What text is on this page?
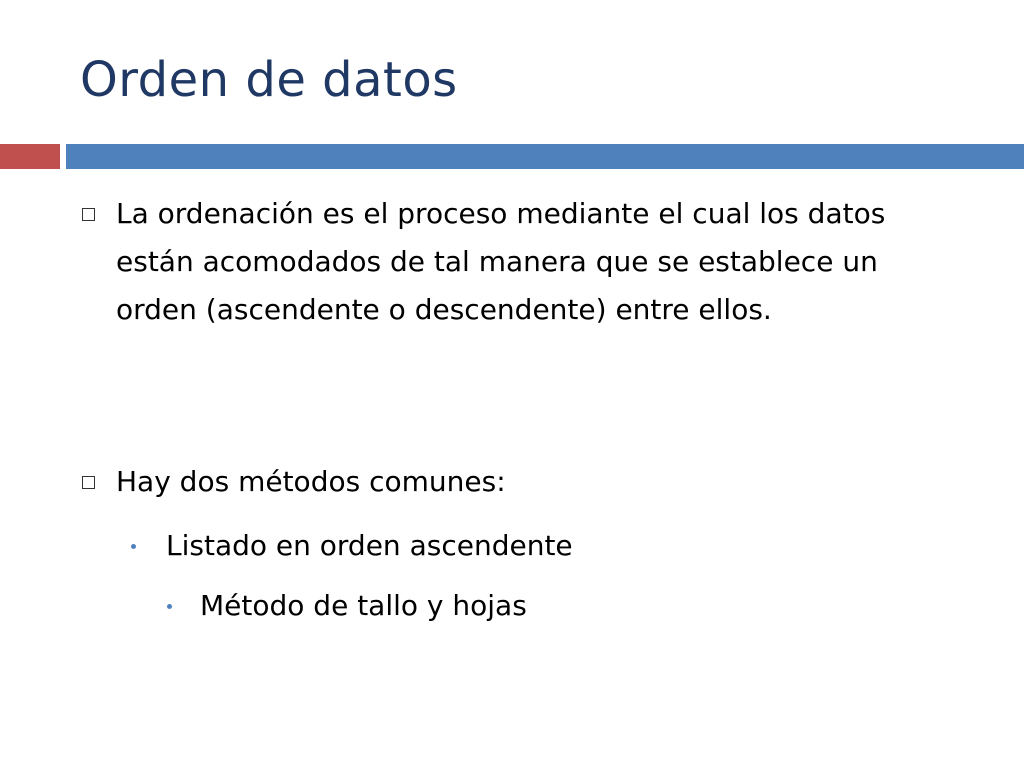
Orden de datos
La ordenación es el proceso mediante el cual los datos están acomodados de tal manera que se establece un orden (ascendente o descendente) entre ellos.
Hay dos métodos comunes:
Listado en orden ascendente
Método de tallo y hojas
